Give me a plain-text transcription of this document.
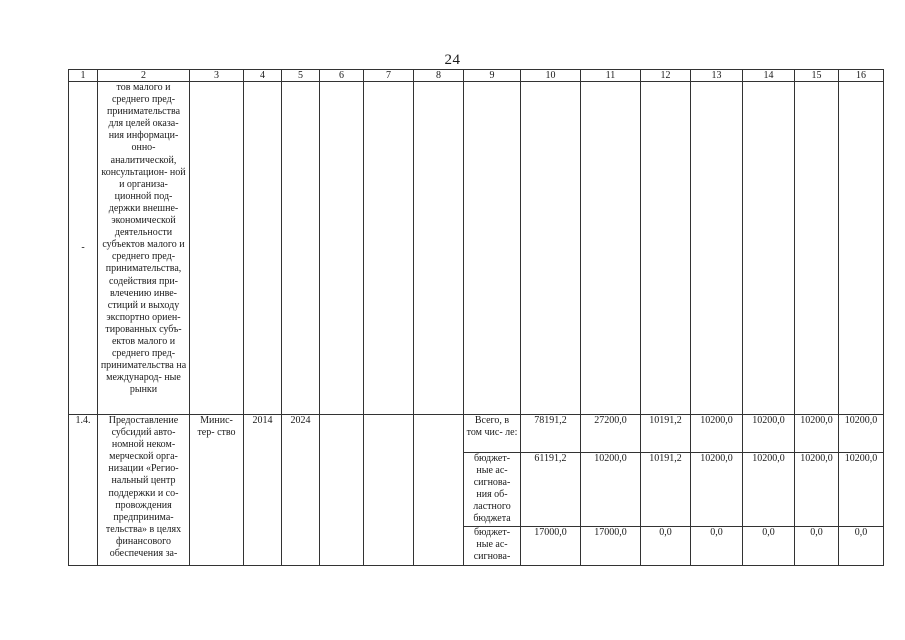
24
1	2	3	4	5	6	7	8	9	10	11	12	13	14	15	16
-	тов малого и среднего пред- принимательства для целей оказа- ния информаци- онно- аналитической, консультацион- ной и организа- ционной под- держки внешне- экономической деятельности субъектов малого и среднего пред- принимательства, содействия при- влечению инве- стиций и выходу экспортно ориен- тированных субъ- ектов малого и среднего пред- принимательства на международ- ные рынки														
1.4.	Предоставление субсидий авто- номной неком- мерческой орга- низации «Регио- нальный центр поддержки и со- провождения предпринима- тельства» в целях финансового обеспечения за-	Минис- тер- ство	2014	2024				Всего, в том чис- ле:	78191,2	27200,0	10191,2	10200,0	10200,0	10200,0	10200,0
								бюджет- ные ас- сигнова- ния об- ластного бюджета	61191,2	10200,0	10191,2	10200,0	10200,0	10200,0	10200,0
								бюджет- ные ас- сигнова-	17000,0	17000,0	0,0	0,0	0,0	0,0	0,0
